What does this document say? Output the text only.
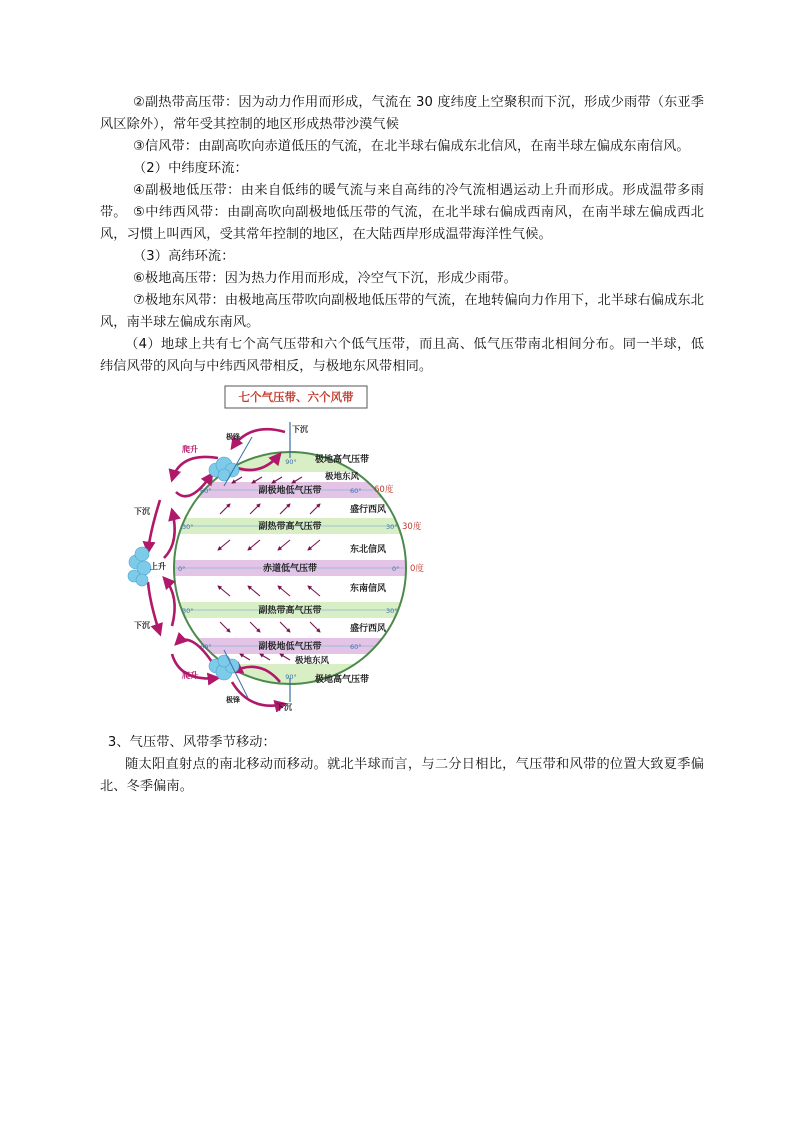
②副热带高压带：因为动力作用而形成，气流在 30 度纬度上空聚积而下沉，形成少雨带（东亚季风区除外），常年受其控制的地区形成热带沙漠气候

③信风带：由副高吹向赤道低压的气流，在北半球右偏成东北信风，在南半球左偏成东南信风。

（2）中纬度环流：

④副极地低压带：由来自低纬的暖气流与来自高纬的冷气流相遇运动上升而形成。形成温带多雨带。 ⑤中纬西风带：由副高吹向副极地低压带的气流，在北半球右偏成西南风，在南半球左偏成西北风，习惯上叫西风，受其常年控制的地区，在大陆西岸形成温带海洋性气候。

（3）高纬环流：

⑥极地高压带：因为热力作用而形成，冷空气下沉，形成少雨带。

⑦极地东风带：由极地高压带吹向副极地低压带的气流，在地转偏向力作用下，北半球右偏成东北风，南半球左偏成东南风。

（4）地球上共有七个高气压带和六个低气压带，而且高、低气压带南北相间分布。同一半球，低纬信风带的风向与中纬西风带相反，与极地东风带相同。

七个气压带、六个风带
极地高气压带
极地东风
副极地低气压带
盛行西风
副热带高气压带
东北信风
赤道低气压带
东南信风
副热带高气压带
盛行西风
副极地低气压带
极地东风
极地高气压带
90°
60°	60°
30°	30°
0°	0°
30°	30°
60°	60°
90°
60度
30度
0度
下沉
极锋
爬升
下沉
上升
下沉
爬升
极锋
下沉

3、气压带、风带季节移动：

随太阳直射点的南北移动而移动。就北半球而言，与二分日相比，气压带和风带的位置大致夏季偏北、冬季偏南。
